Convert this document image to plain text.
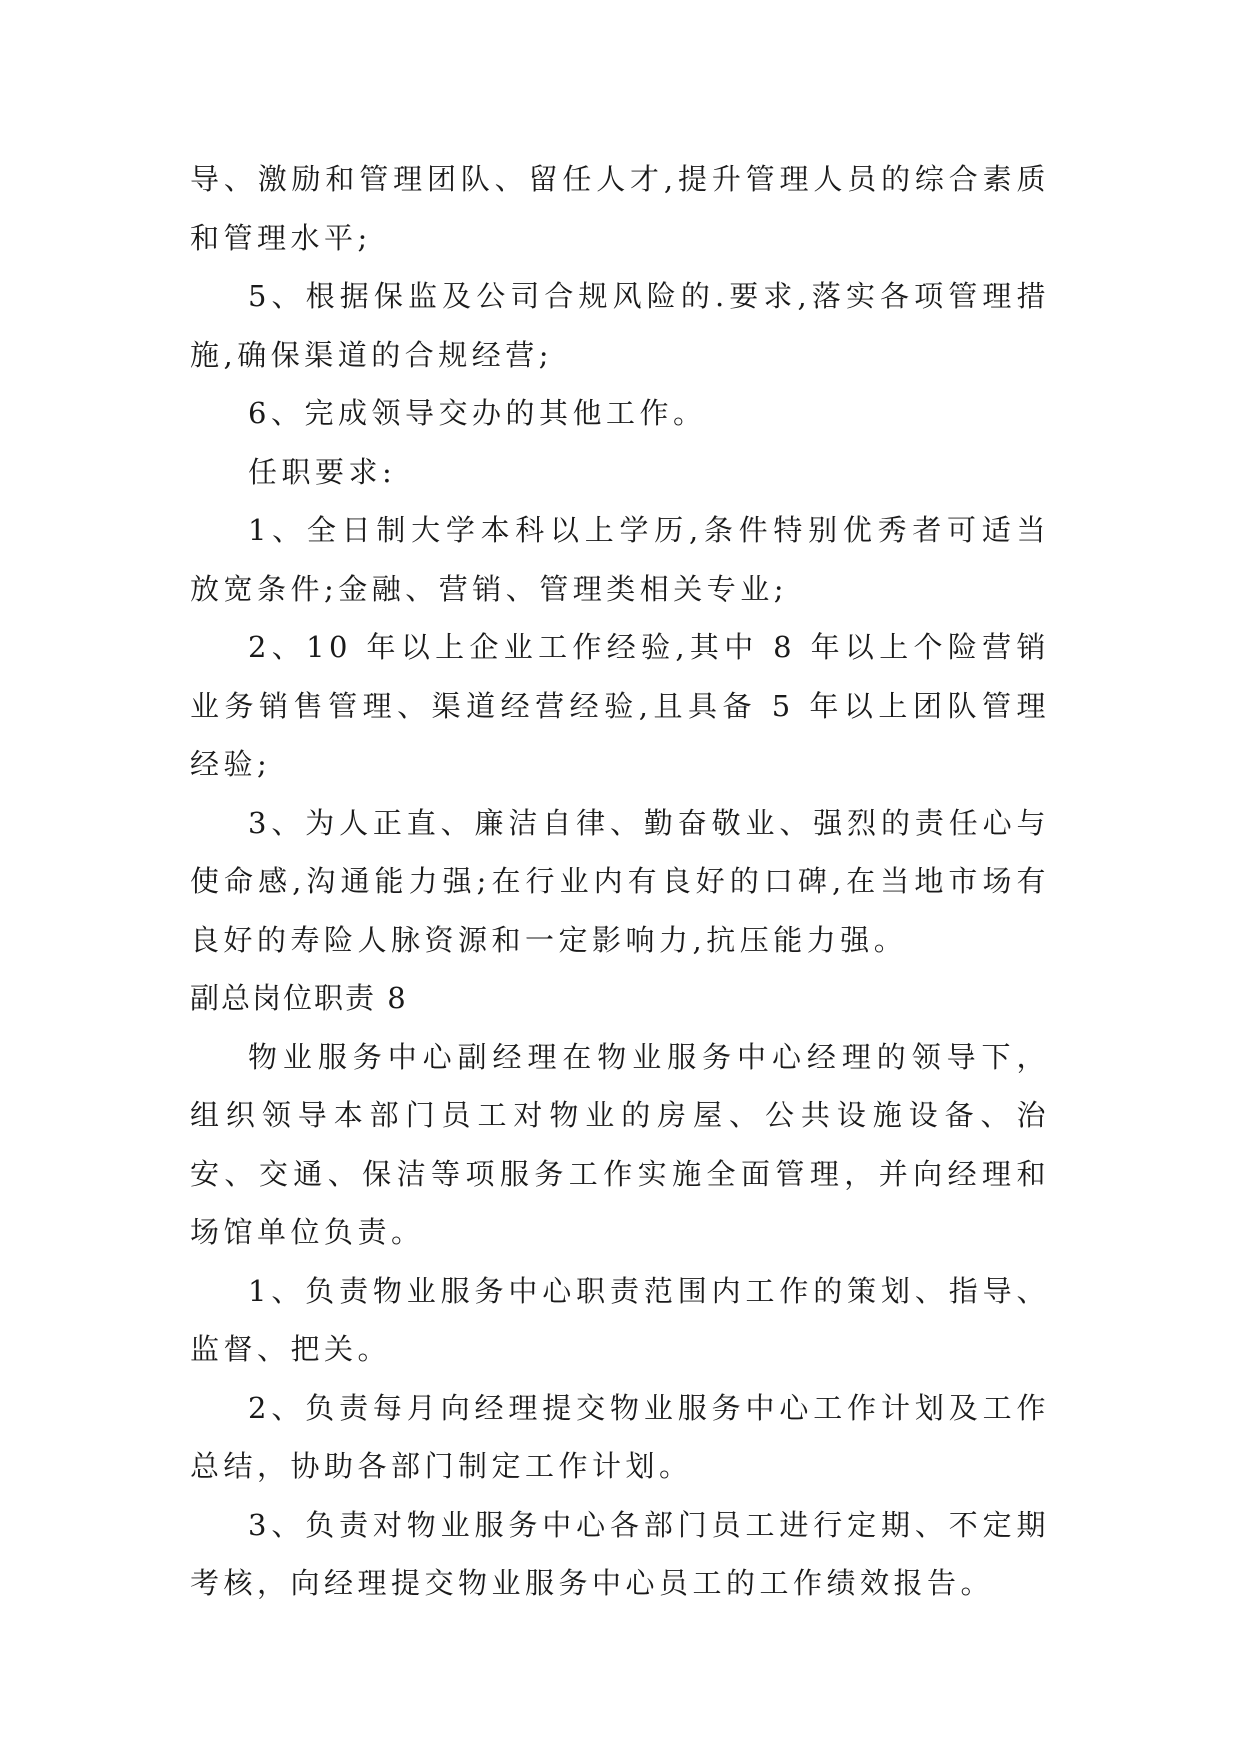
导、激励和管理团队、留任人才,提升管理人员的综合素质和管理水平;

5、根据保监及公司合规风险的.要求,落实各项管理措施,确保渠道的合规经营;

6、完成领导交办的其他工作。

任职要求:

1、全日制大学本科以上学历,条件特别优秀者可适当放宽条件;金融、营销、管理类相关专业;

2、10 年以上企业工作经验,其中 8 年以上个险营销业务销售管理、渠道经营经验,且具备 5 年以上团队管理经验;

3、为人正直、廉洁自律、勤奋敬业、强烈的责任心与使命感,沟通能力强;在行业内有良好的口碑,在当地市场有良好的寿险人脉资源和一定影响力,抗压能力强。

副总岗位职责 8

物业服务中心副经理在物业服务中心经理的领导下，组织领导本部门员工对物业的房屋、公共设施设备、治安、交通、保洁等项服务工作实施全面管理，并向经理和场馆单位负责。

1、负责物业服务中心职责范围内工作的策划、指导、监督、把关。

2、负责每月向经理提交物业服务中心工作计划及工作总结，协助各部门制定工作计划。

3、负责对物业服务中心各部门员工进行定期、不定期考核，向经理提交物业服务中心员工的工作绩效报告。
